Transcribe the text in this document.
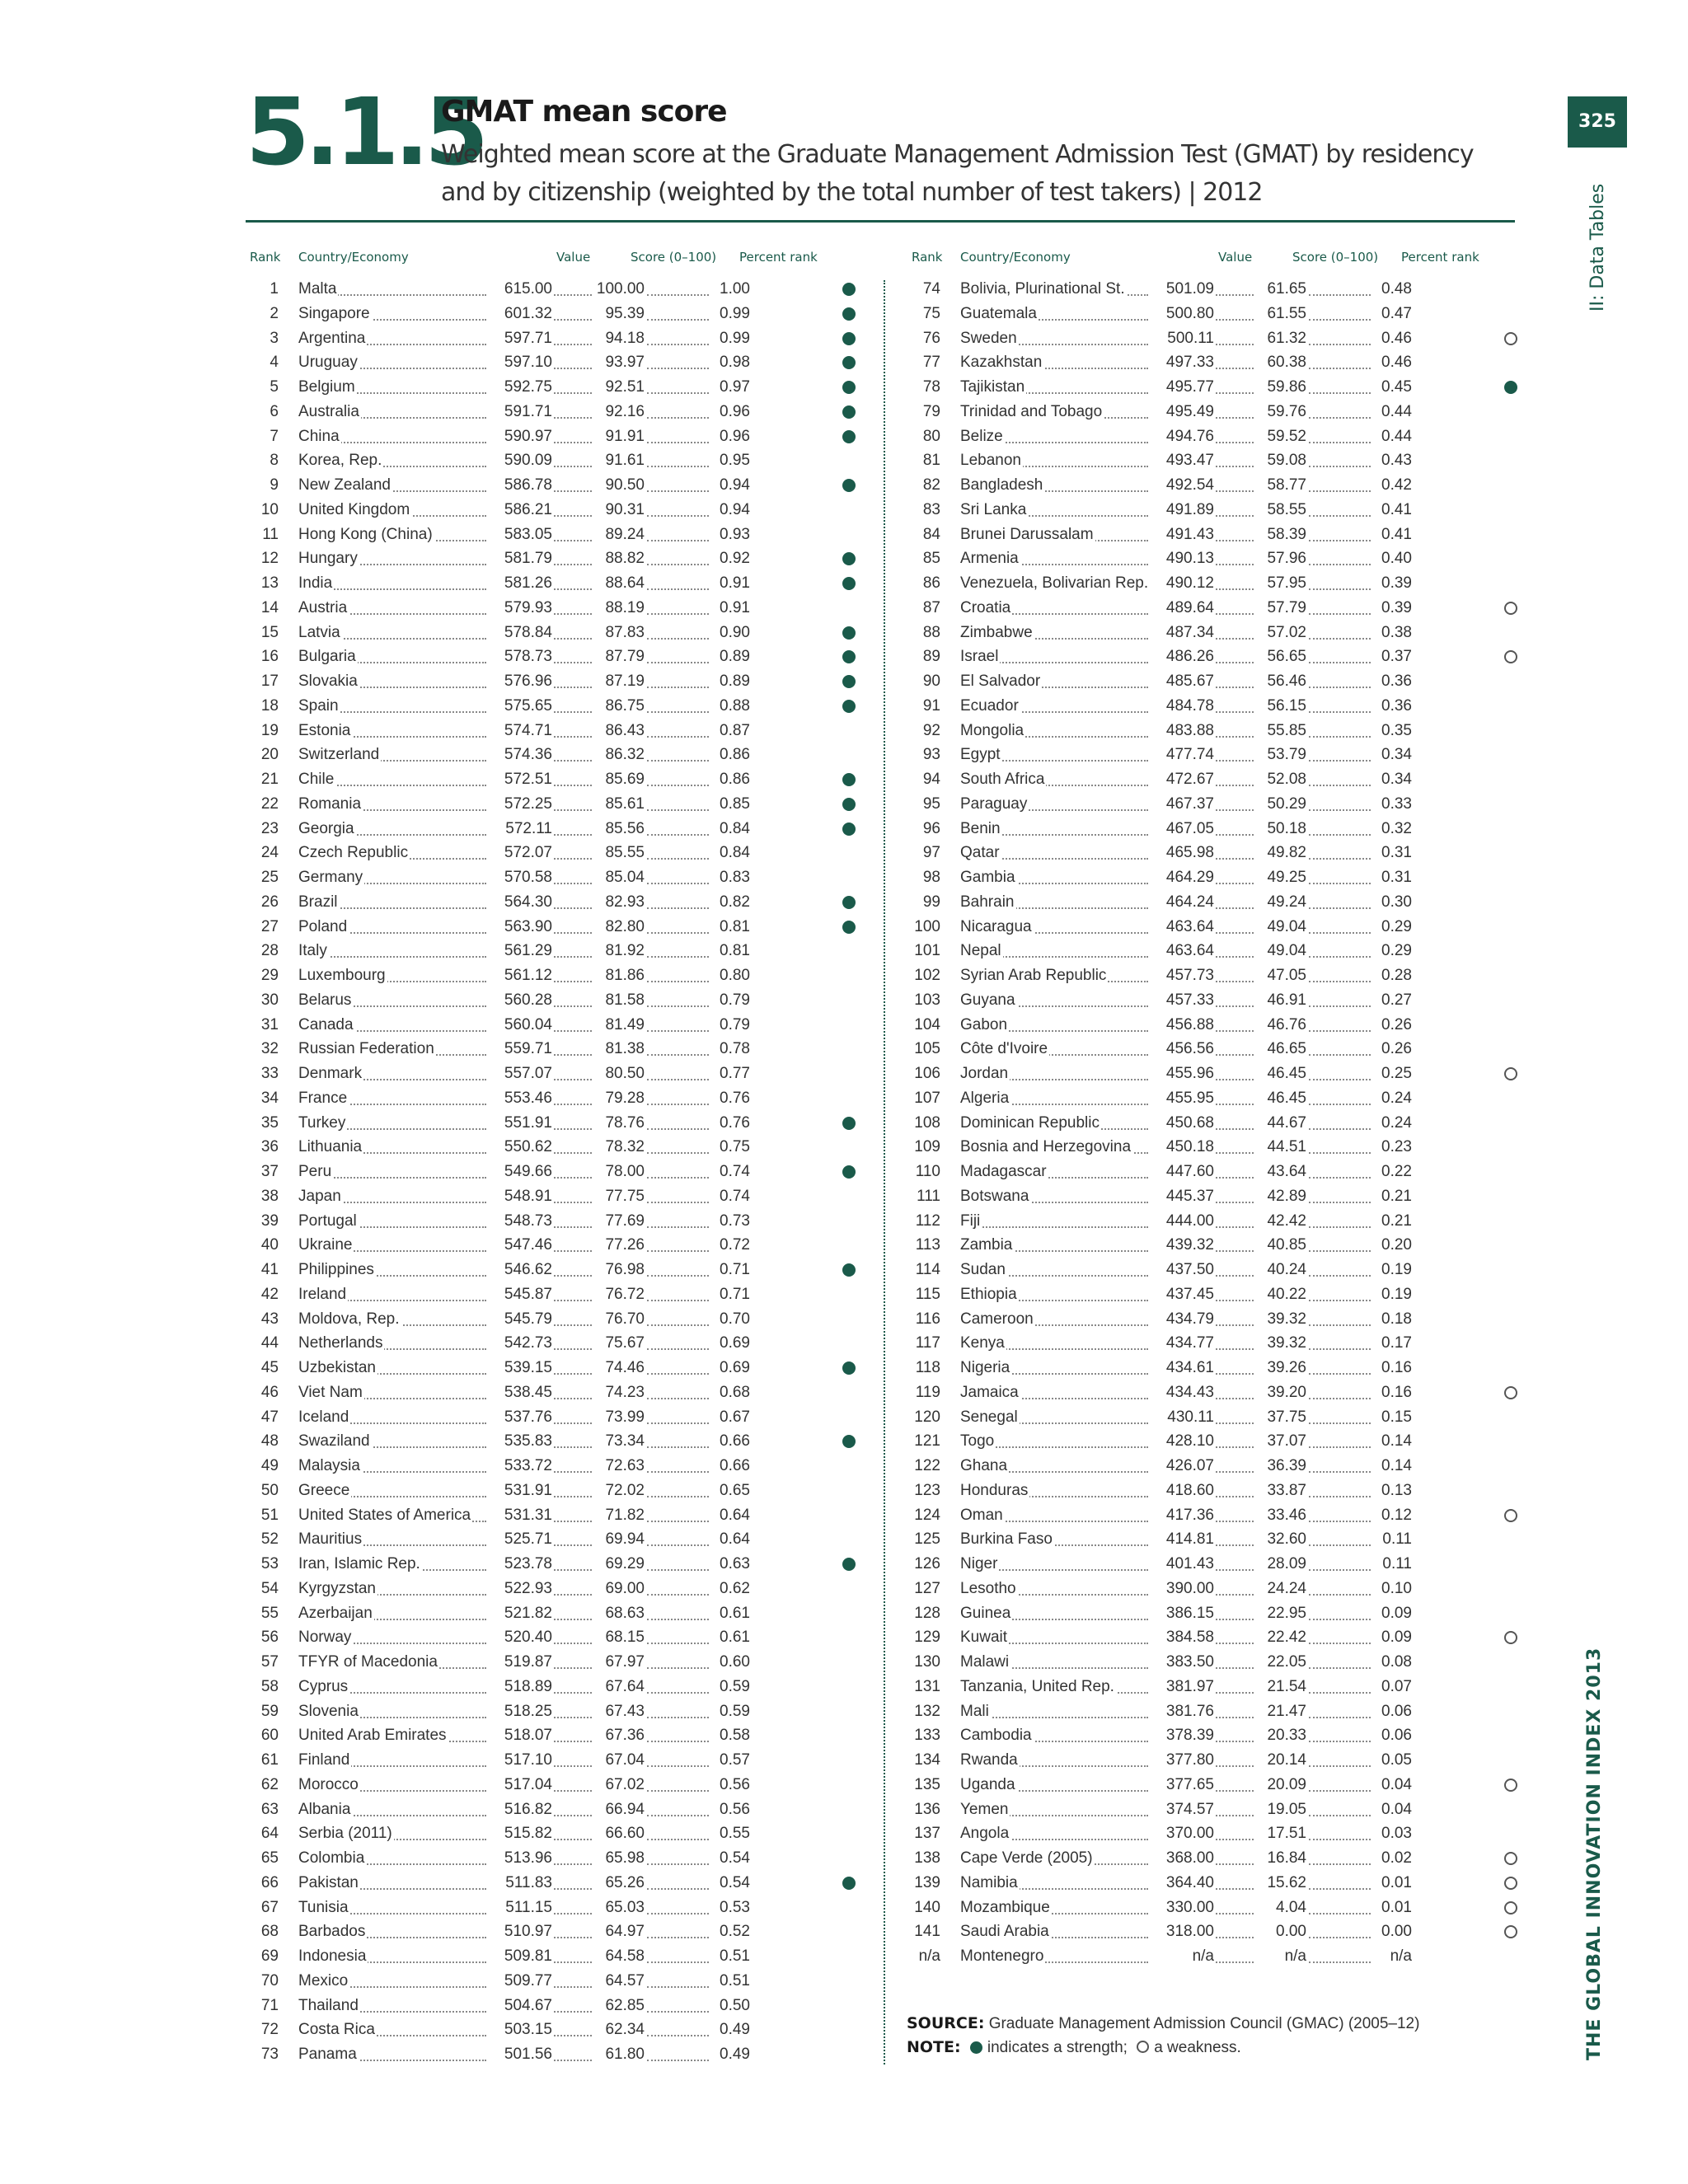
5.1.5
GMAT mean score
Weighted mean score at the Graduate Management Admission Test (GMAT) by residency and by citizenship (weighted by the total number of test takers) | 2012
325
II: Data Tables
THE GLOBAL INNOVATION INDEX 2013
Rank Country/Economy	Value	Score (0–100) Percent rank	Rank Country/Economy	Value	Score (0–100) Percent rank
1 Malta	615.00	100.00	1.00
2 Singapore	601.32	95.39	0.99
3 Argentina	597.71	94.18	0.99
4 Uruguay	597.10	93.97	0.98
5 Belgium	592.75	92.51	0.97
6 Australia	591.71	92.16	0.96
7 China	590.97	91.91	0.96
8 Korea, Rep.	590.09	91.61	0.95
9 New Zealand	586.78	90.50	0.94
10 United Kingdom	586.21	90.31	0.94
11 Hong Kong (China)	583.05	89.24	0.93
12 Hungary	581.79	88.82	0.92
13 India	581.26	88.64	0.91
14 Austria	579.93	88.19	0.91
15 Latvia	578.84	87.83	0.90
16 Bulgaria	578.73	87.79	0.89
17 Slovakia	576.96	87.19	0.89
18 Spain	575.65	86.75	0.88
19 Estonia	574.71	86.43	0.87
20 Switzerland	574.36	86.32	0.86
21 Chile	572.51	85.69	0.86
22 Romania	572.25	85.61	0.85
23 Georgia	572.11	85.56	0.84
24 Czech Republic	572.07	85.55	0.84
25 Germany	570.58	85.04	0.83
26 Brazil	564.30	82.93	0.82
27 Poland	563.90	82.80	0.81
28 Italy	561.29	81.92	0.81
29 Luxembourg	561.12	81.86	0.80
30 Belarus	560.28	81.58	0.79
31 Canada	560.04	81.49	0.79
32 Russian Federation	559.71	81.38	0.78
33 Denmark	557.07	80.50	0.77
34 France	553.46	79.28	0.76
35 Turkey	551.91	78.76	0.76
36 Lithuania	550.62	78.32	0.75
37 Peru	549.66	78.00	0.74
38 Japan	548.91	77.75	0.74
39 Portugal	548.73	77.69	0.73
40 Ukraine	547.46	77.26	0.72
41 Philippines	546.62	76.98	0.71
42 Ireland	545.87	76.72	0.71
43 Moldova, Rep.	545.79	76.70	0.70
44 Netherlands	542.73	75.67	0.69
45 Uzbekistan	539.15	74.46	0.69
46 Viet Nam	538.45	74.23	0.68
47 Iceland	537.76	73.99	0.67
48 Swaziland	535.83	73.34	0.66
49 Malaysia	533.72	72.63	0.66
50 Greece	531.91	72.02	0.65
51 United States of America	531.31	71.82	0.64
52 Mauritius	525.71	69.94	0.64
53 Iran, Islamic Rep.	523.78	69.29	0.63
54 Kyrgyzstan	522.93	69.00	0.62
55 Azerbaijan	521.82	68.63	0.61
56 Norway	520.40	68.15	0.61
57 TFYR of Macedonia	519.87	67.97	0.60
58 Cyprus	518.89	67.64	0.59
59 Slovenia	518.25	67.43	0.59
60 United Arab Emirates	518.07	67.36	0.58
61 Finland	517.10	67.04	0.57
62 Morocco	517.04	67.02	0.56
63 Albania	516.82	66.94	0.56
64 Serbia (2011)	515.82	66.60	0.55
65 Colombia	513.96	65.98	0.54
66 Pakistan	511.83	65.26	0.54
67 Tunisia	511.15	65.03	0.53
68 Barbados	510.97	64.97	0.52
69 Indonesia	509.81	64.58	0.51
70 Mexico	509.77	64.57	0.51
71 Thailand	504.67	62.85	0.50
72 Costa Rica	503.15	62.34	0.49
73 Panama	501.56	61.80	0.49
74 Bolivia, Plurinational St.	501.09	61.65	0.48
75 Guatemala	500.80	61.55	0.47
76 Sweden	500.11	61.32	0.46
77 Kazakhstan	497.33	60.38	0.46
78 Tajikistan	495.77	59.86	0.45
79 Trinidad and Tobago	495.49	59.76	0.44
80 Belize	494.76	59.52	0.44
81 Lebanon	493.47	59.08	0.43
82 Bangladesh	492.54	58.77	0.42
83 Sri Lanka	491.89	58.55	0.41
84 Brunei Darussalam	491.43	58.39	0.41
85 Armenia	490.13	57.96	0.40
86 Venezuela, Bolivarian Rep.	490.12	57.95	0.39
87 Croatia	489.64	57.79	0.39
88 Zimbabwe	487.34	57.02	0.38
89 Israel	486.26	56.65	0.37
90 El Salvador	485.67	56.46	0.36
91 Ecuador	484.78	56.15	0.36
92 Mongolia	483.88	55.85	0.35
93 Egypt	477.74	53.79	0.34
94 South Africa	472.67	52.08	0.34
95 Paraguay	467.37	50.29	0.33
96 Benin	467.05	50.18	0.32
97 Qatar	465.98	49.82	0.31
98 Gambia	464.29	49.25	0.31
99 Bahrain	464.24	49.24	0.30
100 Nicaragua	463.64	49.04	0.29
101 Nepal	463.64	49.04	0.29
102 Syrian Arab Republic	457.73	47.05	0.28
103 Guyana	457.33	46.91	0.27
104 Gabon	456.88	46.76	0.26
105 Côte d'Ivoire	456.56	46.65	0.26
106 Jordan	455.96	46.45	0.25
107 Algeria	455.95	46.45	0.24
108 Dominican Republic	450.68	44.67	0.24
109 Bosnia and Herzegovina	450.18	44.51	0.23
110 Madagascar	447.60	43.64	0.22
111 Botswana	445.37	42.89	0.21
112 Fiji	444.00	42.42	0.21
113 Zambia	439.32	40.85	0.20
114 Sudan	437.50	40.24	0.19
115 Ethiopia	437.45	40.22	0.19
116 Cameroon	434.79	39.32	0.18
117 Kenya	434.77	39.32	0.17
118 Nigeria	434.61	39.26	0.16
119 Jamaica	434.43	39.20	0.16
120 Senegal	430.11	37.75	0.15
121 Togo	428.10	37.07	0.14
122 Ghana	426.07	36.39	0.14
123 Honduras	418.60	33.87	0.13
124 Oman	417.36	33.46	0.12
125 Burkina Faso	414.81	32.60	0.11
126 Niger	401.43	28.09	0.11
127 Lesotho	390.00	24.24	0.10
128 Guinea	386.15	22.95	0.09
129 Kuwait	384.58	22.42	0.09
130 Malawi	383.50	22.05	0.08
131 Tanzania, United Rep.	381.97	21.54	0.07
132 Mali	381.76	21.47	0.06
133 Cambodia	378.39	20.33	0.06
134 Rwanda	377.80	20.14	0.05
135 Uganda	377.65	20.09	0.04
136 Yemen	374.57	19.05	0.04
137 Angola	370.00	17.51	0.03
138 Cape Verde (2005)	368.00	16.84	0.02
139 Namibia	364.40	15.62	0.01
140 Mozambique	330.00	4.04	0.01
141 Saudi Arabia	318.00	0.00	0.00
n/a Montenegro	n/a	n/a	n/a
SOURCE: Graduate Management Admission Council (GMAC) (2005–12)
NOTE: indicates a strength; a weakness.
